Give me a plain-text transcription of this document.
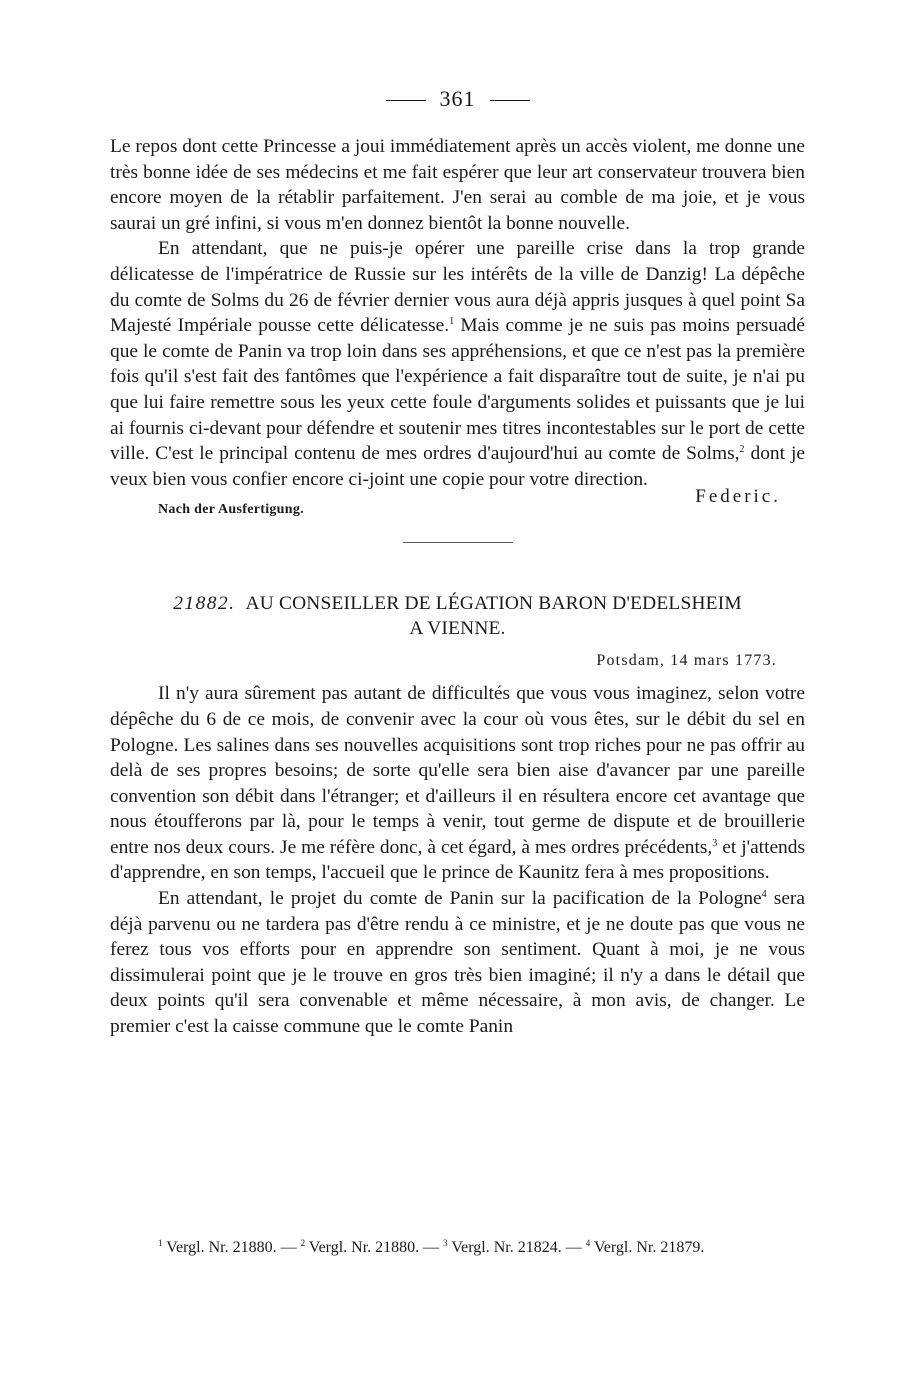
361

Le repos dont cette Princesse a joui immédiatement après un accès violent, me donne une très bonne idée de ses médecins et me fait espérer que leur art conservateur trouvera bien encore moyen de la rétablir parfaitement. J'en serai au comble de ma joie, et je vous saurai un gré infini, si vous m'en donnez bientôt la bonne nouvelle.

En attendant, que ne puis-je opérer une pareille crise dans la trop grande délicatesse de l'impératrice de Russie sur les intérêts de la ville de Danzig! La dépêche du comte de Solms du 26 de février dernier vous aura déjà appris jusques à quel point Sa Majesté Impériale pousse cette délicatesse.$^1$ Mais comme je ne suis pas moins persuadé que le comte de Panin va trop loin dans ses appréhensions, et que ce n'est pas la première fois qu'il s'est fait des fantômes que l'expérience a fait disparaître tout de suite, je n'ai pu que lui faire remettre sous les yeux cette foule d'arguments solides et puissants que je lui ai fournis ci-devant pour défendre et soutenir mes titres incontestables sur le port de cette ville. C'est le principal contenu de mes ordres d'aujourd'hui au comte de Solms,$^2$ dont je veux bien vous confier encore ci-joint une copie pour votre direction.

Nach der Ausfertigung.
Federic.
21882. AU CONSEILLER DE LÉGATION BARON D'EDELSHEIM
A VIENNE.
Potsdam, 14 mars 1773.

Il n'y aura sûrement pas autant de difficultés que vous vous imaginez, selon votre dépêche du 6 de ce mois, de convenir avec la cour où vous êtes, sur le débit du sel en Pologne. Les salines dans ses nouvelles acquisitions sont trop riches pour ne pas offrir au delà de ses propres besoins; de sorte qu'elle sera bien aise d'avancer par une pareille convention son débit dans l'étranger; et d'ailleurs il en résultera encore cet avantage que nous étoufferons par là, pour le temps à venir, tout germe de dispute et de brouillerie entre nos deux cours. Je me réfère donc, à cet égard, à mes ordres précédents,$^3$ et j'attends d'apprendre, en son temps, l'accueil que le prince de Kaunitz fera à mes propositions.

En attendant, le projet du comte de Panin sur la pacification de la Pologne$^4$ sera déjà parvenu ou ne tardera pas d'être rendu à ce ministre, et je ne doute pas que vous ne ferez tous vos efforts pour en apprendre son sentiment. Quant à moi, je ne vous dissimulerai point que je le trouve en gros très bien imaginé; il n'y a dans le détail que deux points qu'il sera convenable et même nécessaire, à mon avis, de changer. Le premier c'est la caisse commune que le comte Panin

$^1$ Vergl. Nr. 21880. — $^2$ Vergl. Nr. 21880. — $^3$ Vergl. Nr. 21824. — $^4$ Vergl. Nr. 21879.
